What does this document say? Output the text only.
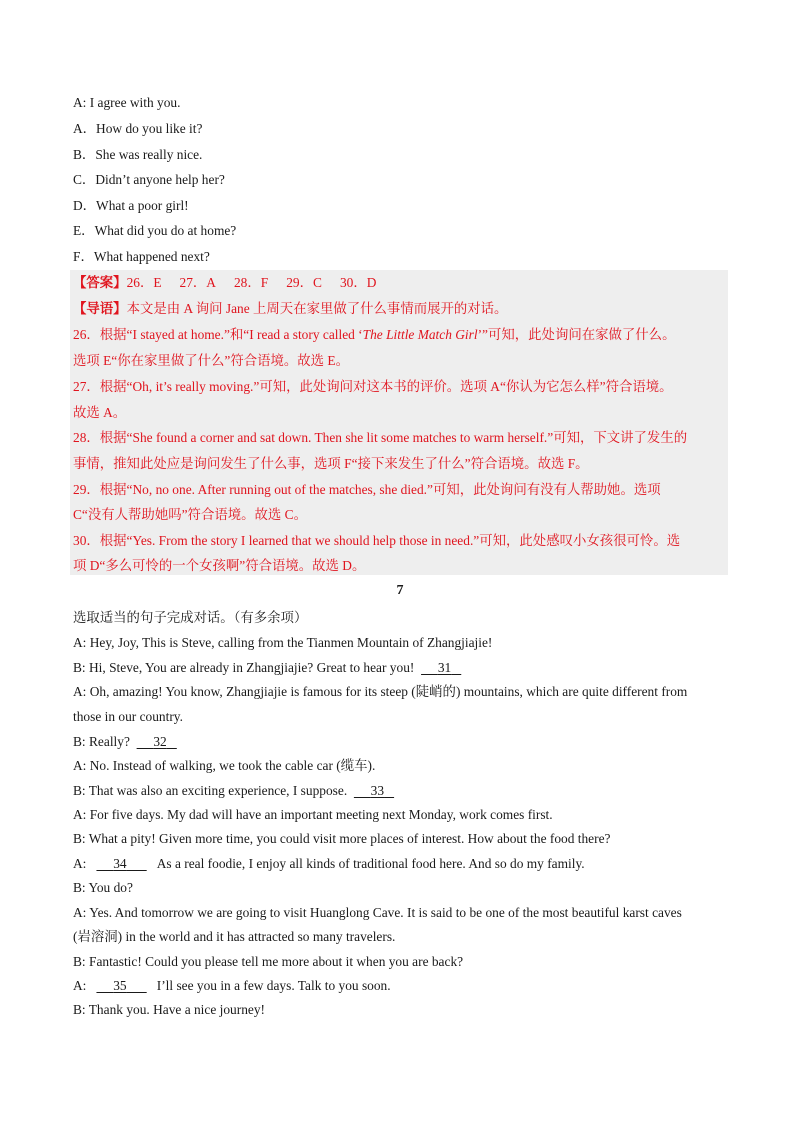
A: I agree with you.
A．How do you like it?
B．She was really nice.
C．Didn’t anyone help her?
D．What a poor girl!
E．What did you do at home?
F．What happened next?
【答案】26．E 27．A 28．F 29．C 30．D
【导语】本文是由 A 询问 Jane 上周天在家里做了什么事情而展开的对话。
26．根据“I stayed at home.”和“I read a story called ‘The Little Match Girl’”可知，此处询问在家做了什么。
选项 E“你在家里做了什么”符合语境。故选 E。
27．根据“Oh, it’s really moving.”可知，此处询问对这本书的评价。选项 A“你认为它怎么样”符合语境。
故选 A。
28．根据“She found a corner and sat down. Then she lit some matches to warm herself.”可知，下文讲了发生的
事情，推知此处应是询问发生了什么事，选项 F“接下来发生了什么”符合语境。故选 F。
29．根据“No, no one. After running out of the matches, she died.”可知，此处询问有没有人帮助她。选项
C“没有人帮助她吗”符合语境。故选 C。
30．根据“Yes. From the story I learned that we should help those in need.”可知，此处感叹小女孩很可怜。选
项 D“多么可怜的一个女孩啊”符合语境。故选 D。
7
选取适当的句子完成对话。（有多余项）
A: Hey, Joy, This is Steve, calling from the Tianmen Mountain of Zhangjiajie!
B: Hi, Steve, You are already in Zhangjiajie? Great to hear you! 31
A: Oh, amazing! You know, Zhangjiajie is famous for its steep (陡峭的) mountains, which are quite different from
those in our country.
B: Really? 32
A: No. Instead of walking, we took the cable car (缆车).
B: That was also an exciting experience, I suppose. 33
A: For five days. My dad will have an important meeting next Monday, work comes first.
B: What a pity! Given more time, you could visit more places of interest. How about the food there?
A: 34 As a real foodie, I enjoy all kinds of traditional food here. And so do my family.
B: You do?
A: Yes. And tomorrow we are going to visit Huanglong Cave. It is said to be one of the most beautiful karst caves
(岩溶洞) in the world and it has attracted so many travelers.
B: Fantastic! Could you please tell me more about it when you are back?
A: 35 I’ll see you in a few days. Talk to you soon.
B: Thank you. Have a nice journey!
